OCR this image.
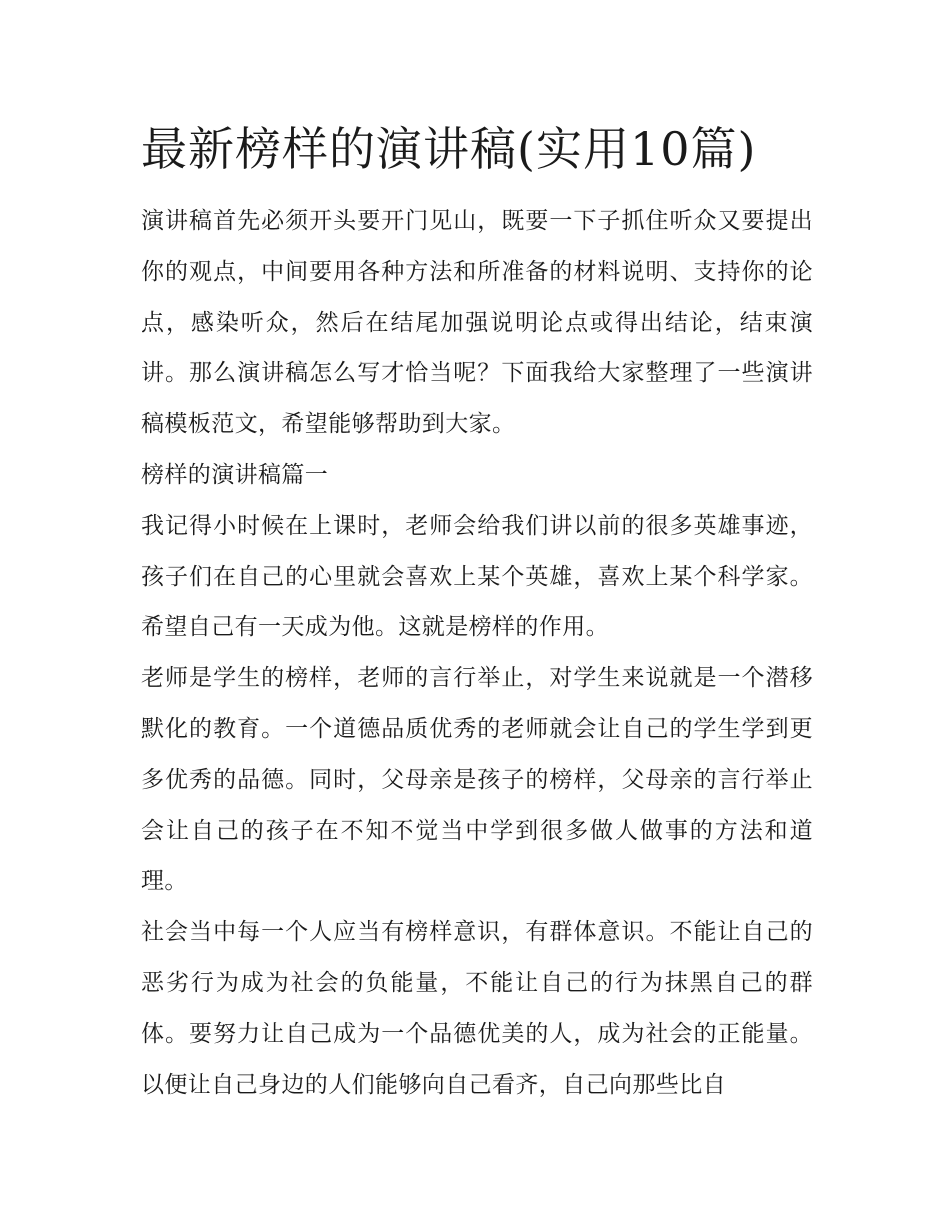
最新榜样的演讲稿(实用10篇)

演讲稿首先必须开头要开门见山，既要一下子抓住听众又要提出你的观点，中间要用各种方法和所准备的材料说明、支持你的论点，感染听众，然后在结尾加强说明论点或得出结论，结束演讲。那么演讲稿怎么写才恰当呢？下面我给大家整理了一些演讲稿模板范文，希望能够帮助到大家。

榜样的演讲稿篇一

我记得小时候在上课时，老师会给我们讲以前的很多英雄事迹，孩子们在自己的心里就会喜欢上某个英雄，喜欢上某个科学家。希望自己有一天成为他。这就是榜样的作用。

老师是学生的榜样，老师的言行举止，对学生来说就是一个潜移默化的教育。一个道德品质优秀的老师就会让自己的学生学到更多优秀的品德。同时，父母亲是孩子的榜样，父母亲的言行举止会让自己的孩子在不知不觉当中学到很多做人做事的方法和道理。

社会当中每一个人应当有榜样意识，有群体意识。不能让自己的恶劣行为成为社会的负能量，不能让自己的行为抹黑自己的群体。要努力让自己成为一个品德优美的人，成为社会的正能量。以便让自己身边的人们能够向自己看齐，自己向那些比自
